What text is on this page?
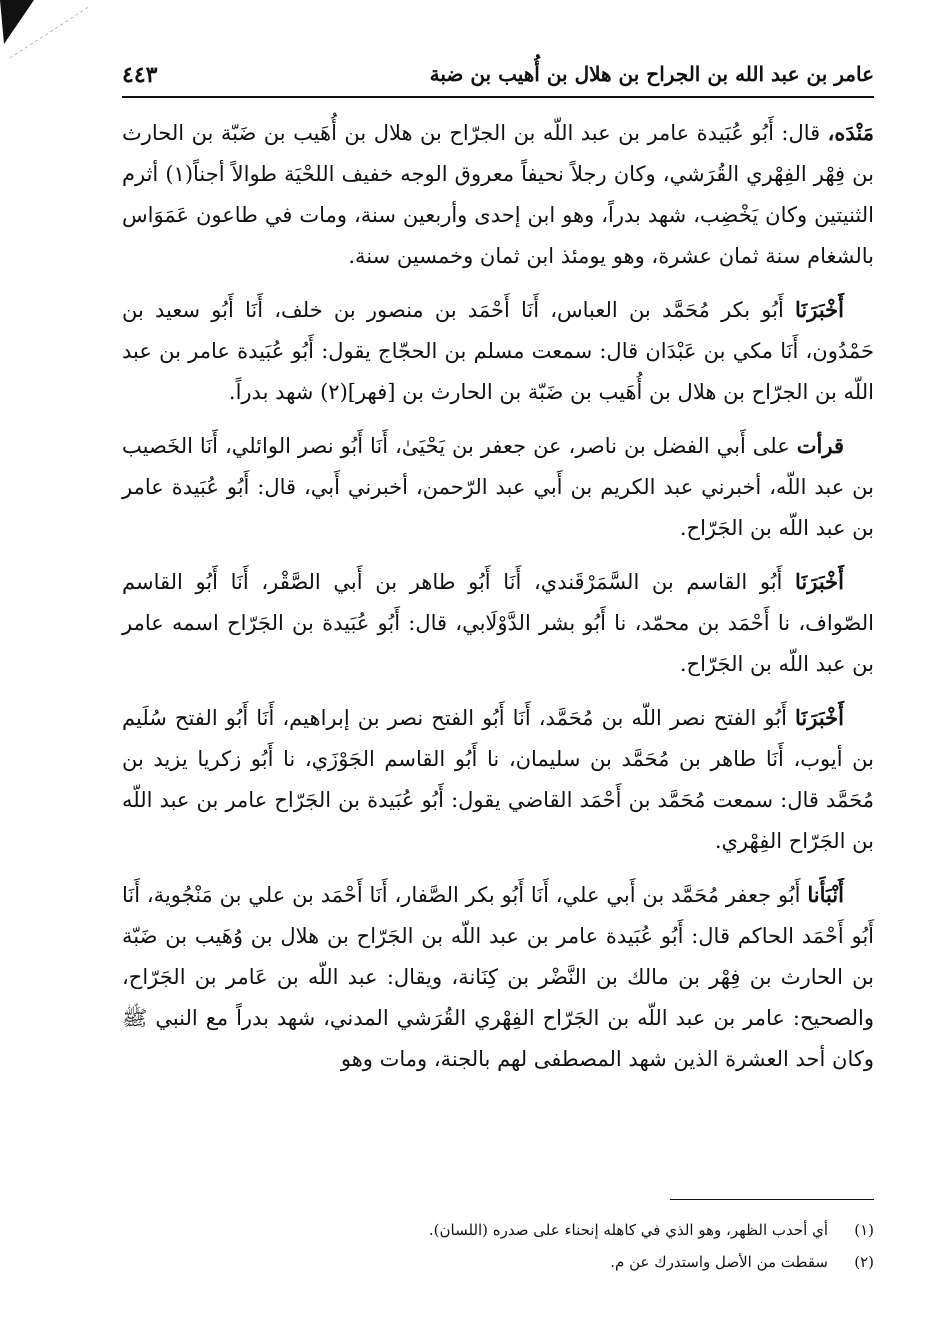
٤٤٣	عامر بن عبد الله بن الجراح بن هلال بن أُهيب بن ضبة

مَنْدَه، قال: أَبُو عُبَيدة عامر بن عبد اللّه بن الجرّاح بن هلال بن أُهَيب بن ضَبّة بن الحارث بن فِهْر الفِهْري القُرَشي، وكان رجلاً نحيفاً معروق الوجه خفيف اللحْيَة طوالاً أجناً(١) أثرم الثنيتين وكان يَخْضِب، شهد بدراً، وهو ابن إحدى وأربعين سنة، ومات في طاعون عَمَوَاس بالشغام سنة ثمان عشرة، وهو يومئذ ابن ثمان وخمسين سنة.

أَخْبَرَنَا أَبُو بكر مُحَمَّد بن العباس، أَنَا أَحْمَد بن منصور بن خلف، أَنَا أَبُو سعيد بن حَمْدُون، أَنَا مكي بن عَبْدَان قال: سمعت مسلم بن الحجّاج يقول: أَبُو عُبَيدة عامر بن عبد اللّه بن الجرّاح بن هلال بن أُهَيب بن ضَبّة بن الحارث بن [فهر](٢) شهد بدراً.

قرأت على أَبي الفضل بن ناصر، عن جعفر بن يَحْيَىٰ، أَنَا أَبُو نصر الوائلي، أَنَا الخَصيب بن عبد اللّه، أخبرني عبد الكريم بن أَبي عبد الرّحمن، أخبرني أَبي، قال: أَبُو عُبَيدة عامر بن عبد اللّه بن الجَرّاح.

أَخْبَرَنَا أَبُو القاسم بن السَّمَرْقَندي، أَنَا أَبُو طاهر بن أَبي الصَّقْر، أَنَا أَبُو القاسم الصّواف، نا أَحْمَد بن محمّد، نا أَبُو بشر الدَّوْلَابي، قال: أَبُو عُبَيدة بن الجَرّاح اسمه عامر بن عبد اللّه بن الجَرّاح.

أَخْبَرَنَا أَبُو الفتح نصر اللّه بن مُحَمَّد، أَنَا أَبُو الفتح نصر بن إبراهيم، أَنَا أَبُو الفتح سُلَيم بن أيوب، أَنَا طاهر بن مُحَمَّد بن سليمان، نا أَبُو القاسم الجَوْزَي، نا أَبُو زكريا يزيد بن مُحَمَّد قال: سمعت مُحَمَّد بن أَحْمَد القاضي يقول: أَبُو عُبَيدة بن الجَرّاح عامر بن عبد اللّه بن الجَرّاح الفِهْري.

أَنْبَأَنا أَبُو جعفر مُحَمَّد بن أَبي علي، أَنَا أَبُو بكر الصَّفار، أَنَا أَحْمَد بن علي بن مَنْجُوية، أَنَا أَبُو أَحْمَد الحاكم قال: أَبُو عُبَيدة عامر بن عبد اللّه بن الجَرّاح بن هلال بن وُهَيب بن ضَبّة بن الحارث بن فِهْر بن مالك بن النَّضْر بن كِنَانة، ويقال: عبد اللّه بن عَامر بن الجَرّاح، والصحيح: عامر بن عبد اللّه بن الجَرّاح الفِهْري القُرَشي المدني، شهد بدراً مع النبي ﷺ وكان أحد العشرة الذين شهد المصطفى لهم بالجنة، ومات وهو

(١)
أي أحدب الظهر، وهو الذي في كاهله إنحناء على صدره (اللسان).
(٢)
سقطت من الأصل واستدرك عن م.
